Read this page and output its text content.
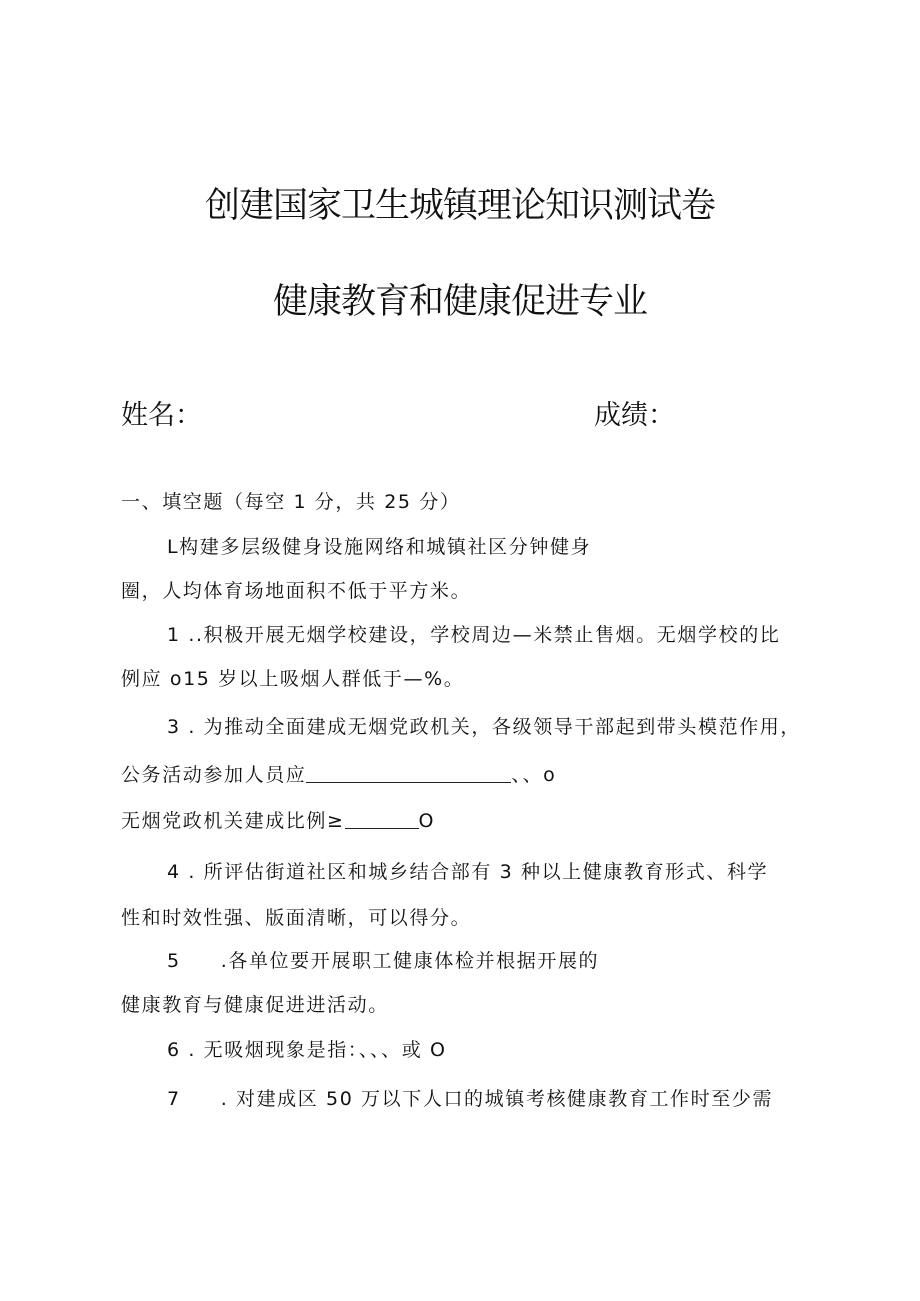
创建国家卫生城镇理论知识测试卷
健康教育和健康促进专业
姓名：	成绩：
一、填空题（每空 1 分，共 25 分）
L构建多层级健身设施网络和城镇社区分钟健身
圈，人均体育场地面积不低于平方米。
1 ..积极开展无烟学校建设，学校周边—米禁止售烟。无烟学校的比
例应 o15 岁以上吸烟人群低于—%。
3 . 为推动全面建成无烟党政机关，各级领导干部起到带头模范作用，
公务活动参加人员应	、、o
无烟党政机关建成比例≥	O
4 . 所评估街道社区和城乡结合部有 3 种以上健康教育形式、科学
性和时效性强、版面清晰，可以得分。
5 .各单位要开展职工健康体检并根据开展的
健康教育与健康促进进活动。
6 . 无吸烟现象是指：、、、或 O
7 . 对建成区 50 万以下人口的城镇考核健康教育工作时至少需
